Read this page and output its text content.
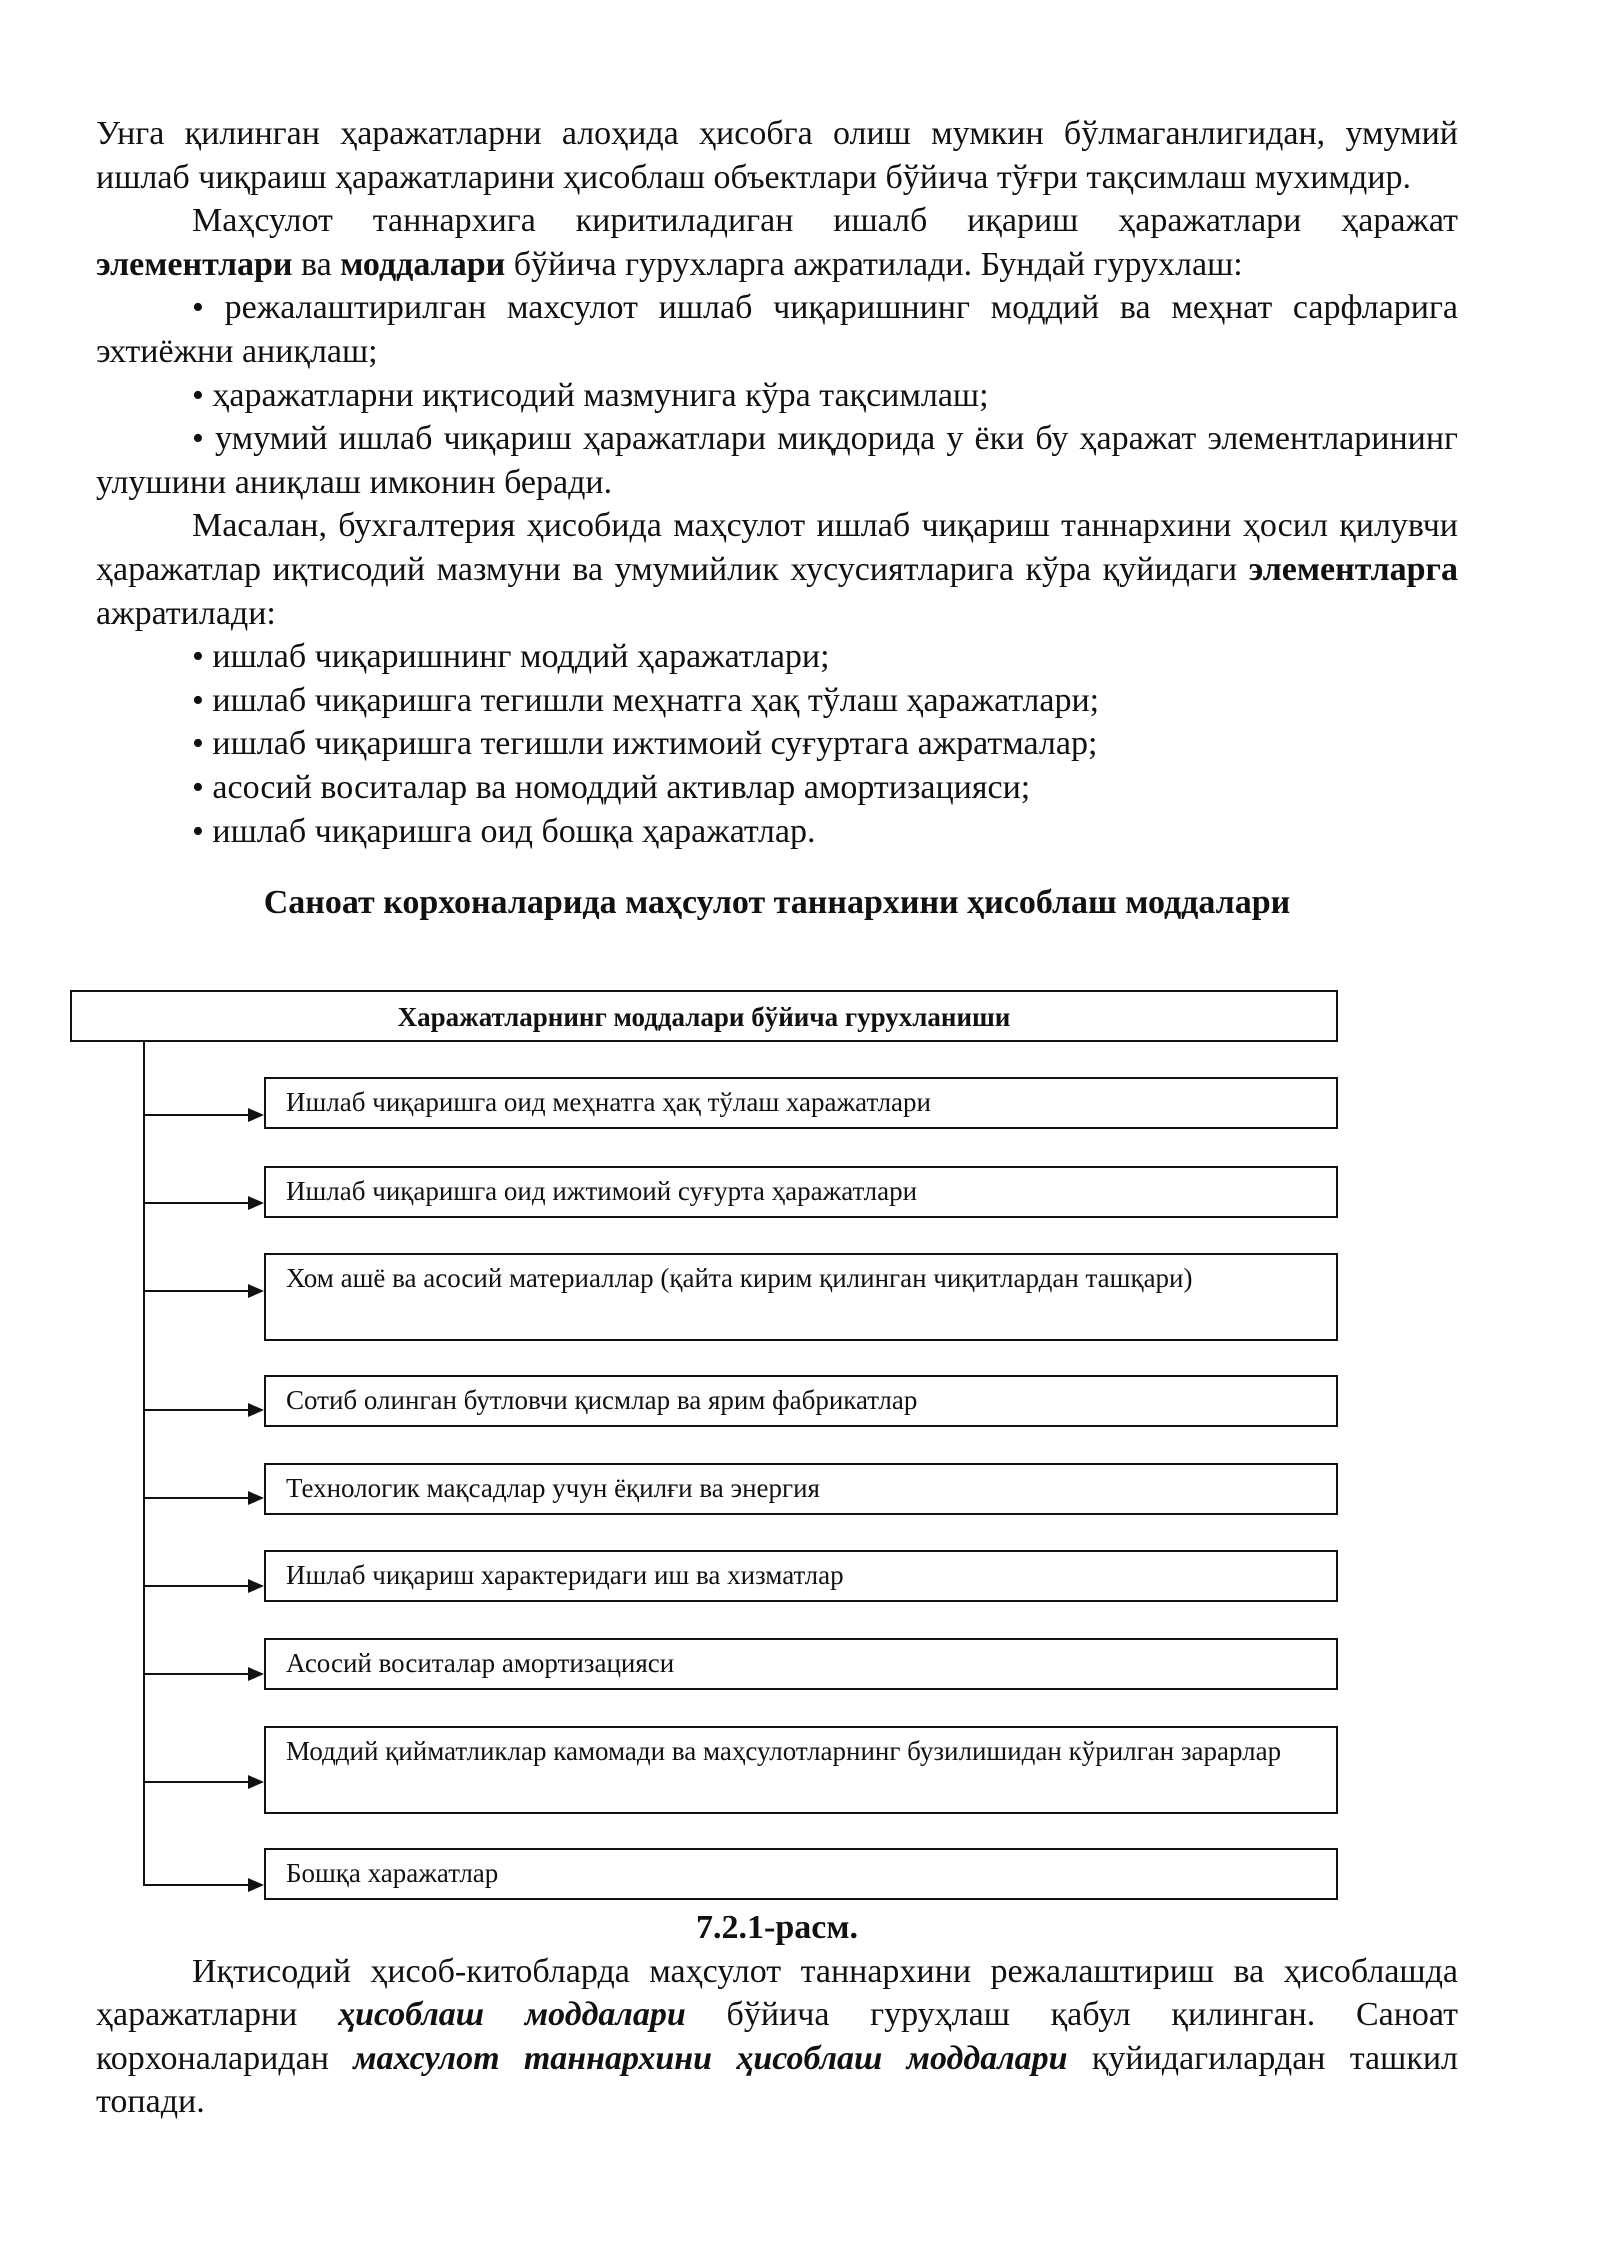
Унга қилинган ҳаражатларни алоҳида ҳисобга олиш мумкин бўлмаганлигидан, умумий ишлаб чиқраиш ҳаражатларини ҳисоблаш объектлари бўйича тўғри тақсимлаш мухимдир.

Маҳсулот таннархига киритиладиган ишалб иқариш ҳаражатлари ҳаражат элементлари ва моддалари бўйича гурухларга ажратилади. Бундай гурухлаш:

• режалаштирилган махсулот ишлаб чиқаришнинг моддий ва меҳнат сарфларига эхтиёжни аниқлаш;

• ҳаражатларни иқтисодий мазмунига кўра тақсимлаш;

• умумий ишлаб чиқариш ҳаражатлари миқдорида у ёки бу ҳаражат элементларининг улушини аниқлаш имконин беради.

Масалан, бухгалтерия ҳисобида маҳсулот ишлаб чиқариш таннархини ҳосил қилувчи ҳаражатлар иқтисодий мазмуни ва умумийлик хусусиятларига кўра қуйидаги элементларга ажратилади:

• ишлаб чиқаришнинг моддий ҳаражатлари;

• ишлаб чиқаришга тегишли меҳнатга ҳақ тўлаш ҳаражатлари;

• ишлаб чиқаришга тегишли ижтимоий суғуртага ажратмалар;

• асосий воситалар ва номоддий активлар амортизацияси;

• ишлаб чиқаришга оид бошқа ҳаражатлар.

Саноат корхоналарида маҳсулот таннархини ҳисоблаш моддалари

Харажатларнинг моддалари бўйича гурухланиши
Ишлаб чиқаришга оид меҳнатга ҳақ тўлаш харажатлари
Ишлаб чиқаришга оид ижтимоий суғурта ҳаражатлари
Хом ашё ва асосий материаллар (қайта кирим қилинган чиқитлардан ташқари)
Сотиб олинган бутловчи қисмлар ва ярим фабрикатлар
Технологик мақсадлар учун ёқилғи ва энергия
Ишлаб чиқариш характеридаги иш ва хизматлар
Асосий воситалар амортизацияси
Моддий қийматликлар камомади ва маҳсулотларнинг бузилишидан кўрилган зарарлар
Бошқа харажатлар

7.2.1-расм.

Иқтисодий ҳисоб-китобларда маҳсулот таннархини режалаштириш ва ҳисоблашда ҳаражатларни ҳисоблаш моддалари бўйича гуруҳлаш қабул қилинган. Саноат корхоналаридан махсулот таннархини ҳисоблаш моддалари қуйидагилардан ташкил топади.
